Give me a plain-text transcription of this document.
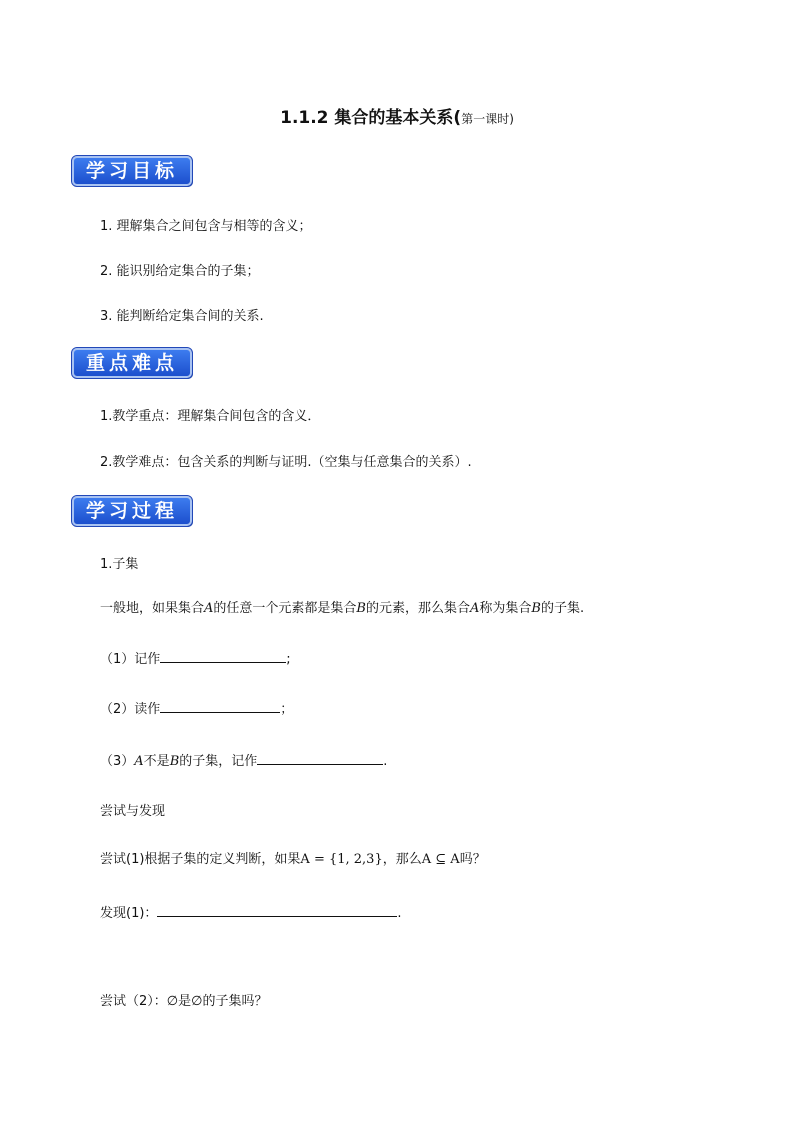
1.1.2 集合的基本关系(第一课时)
学习目标
1. 理解集合之间包含与相等的含义；
2. 能识别给定集合的子集；
3. 能判断给定集合间的关系.
重点难点
1.教学重点：理解集合间包含的含义．
2.教学难点：包含关系的判断与证明.（空集与任意集合的关系）.
学习过程
1.子集
一般地，如果集合A的任意一个元素都是集合B的元素，那么集合A称为集合B的子集.
（1）记作	;
（2）读作	；
（3）A不是B的子集，记作	.
尝试与发现
尝试(1)根据子集的定义判断，如果A = {1, 2,3}，那么A ⊆ A吗？
发现(1)：	.
尝试（2）：∅是∅的子集吗？
